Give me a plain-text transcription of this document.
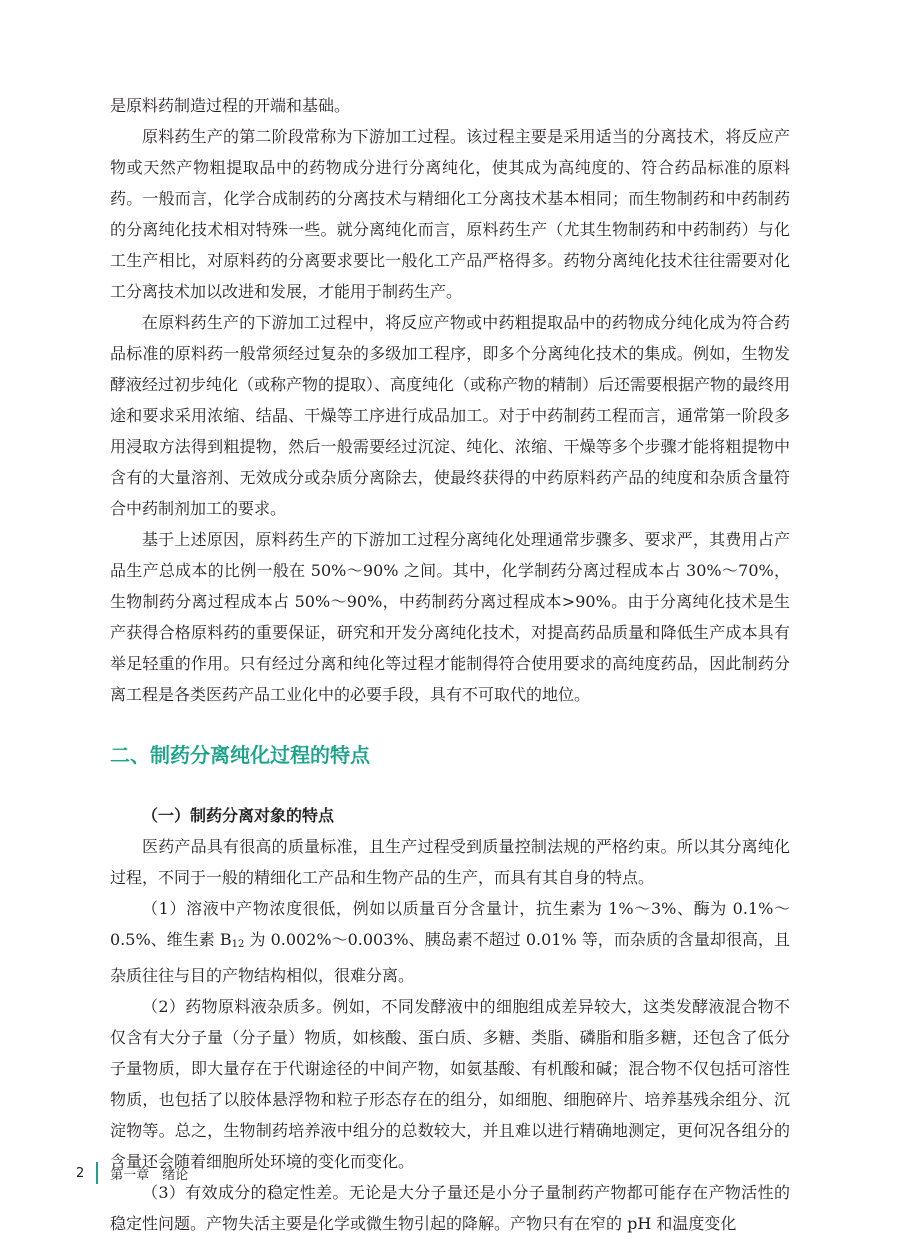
是原料药制造过程的开端和基础。

原料药生产的第二阶段常称为下游加工过程。该过程主要是采用适当的分离技术，将反应产物或天然产物粗提取品中的药物成分进行分离纯化，使其成为高纯度的、符合药品标准的原料药。一般而言，化学合成制药的分离技术与精细化工分离技术基本相同；而生物制药和中药制药的分离纯化技术相对特殊一些。就分离纯化而言，原料药生产（尤其生物制药和中药制药）与化工生产相比，对原料药的分离要求要比一般化工产品严格得多。药物分离纯化技术往往需要对化工分离技术加以改进和发展，才能用于制药生产。

在原料药生产的下游加工过程中，将反应产物或中药粗提取品中的药物成分纯化成为符合药品标准的原料药一般常须经过复杂的多级加工程序，即多个分离纯化技术的集成。例如，生物发酵液经过初步纯化（或称产物的提取）、高度纯化（或称产物的精制）后还需要根据产物的最终用途和要求采用浓缩、结晶、干燥等工序进行成品加工。对于中药制药工程而言，通常第一阶段多用浸取方法得到粗提物，然后一般需要经过沉淀、纯化、浓缩、干燥等多个步骤才能将粗提物中含有的大量溶剂、无效成分或杂质分离除去，使最终获得的中药原料药产品的纯度和杂质含量符合中药制剂加工的要求。

基于上述原因，原料药生产的下游加工过程分离纯化处理通常步骤多、要求严，其费用占产品生产总成本的比例一般在 50%～90% 之间。其中，化学制药分离过程成本占 30%～70%，生物制药分离过程成本占 50%～90%，中药制药分离过程成本>90%。由于分离纯化技术是生产获得合格原料药的重要保证，研究和开发分离纯化技术，对提高药品质量和降低生产成本具有举足轻重的作用。只有经过分离和纯化等过程才能制得符合使用要求的高纯度药品，因此制药分离工程是各类医药产品工业化中的必要手段，具有不可取代的地位。

二、制药分离纯化过程的特点
（一）制药分离对象的特点

医药产品具有很高的质量标准，且生产过程受到质量控制法规的严格约束。所以其分离纯化过程，不同于一般的精细化工产品和生物产品的生产，而具有其自身的特点。

（1）溶液中产物浓度很低，例如以质量百分含量计，抗生素为 1%～3%、酶为 0.1%～0.5%、维生素 $B_{12}$ 为 0.002%～0.003%、胰岛素不超过 0.01% 等，而杂质的含量却很高，且杂质往往与目的产物结构相似，很难分离。

（2）药物原料液杂质多。例如，不同发酵液中的细胞组成差异较大，这类发酵液混合物不仅含有大分子量（分子量）物质，如核酸、蛋白质、多糖、类脂、磷脂和脂多糖，还包含了低分子量物质，即大量存在于代谢途径的中间产物，如氨基酸、有机酸和碱；混合物不仅包括可溶性物质，也包括了以胶体悬浮物和粒子形态存在的组分，如细胞、细胞碎片、培养基残余组分、沉淀物等。总之，生物制药培养液中组分的总数较大，并且难以进行精确地测定，更何况各组分的含量还会随着细胞所处环境的变化而变化。

（3）有效成分的稳定性差。无论是大分子量还是小分子量制药产物都可能存在产物活性的稳定性问题。产物失活主要是化学或微生物引起的降解。产物只有在窄的 pH 和温度变化

2 第一章　绪论
